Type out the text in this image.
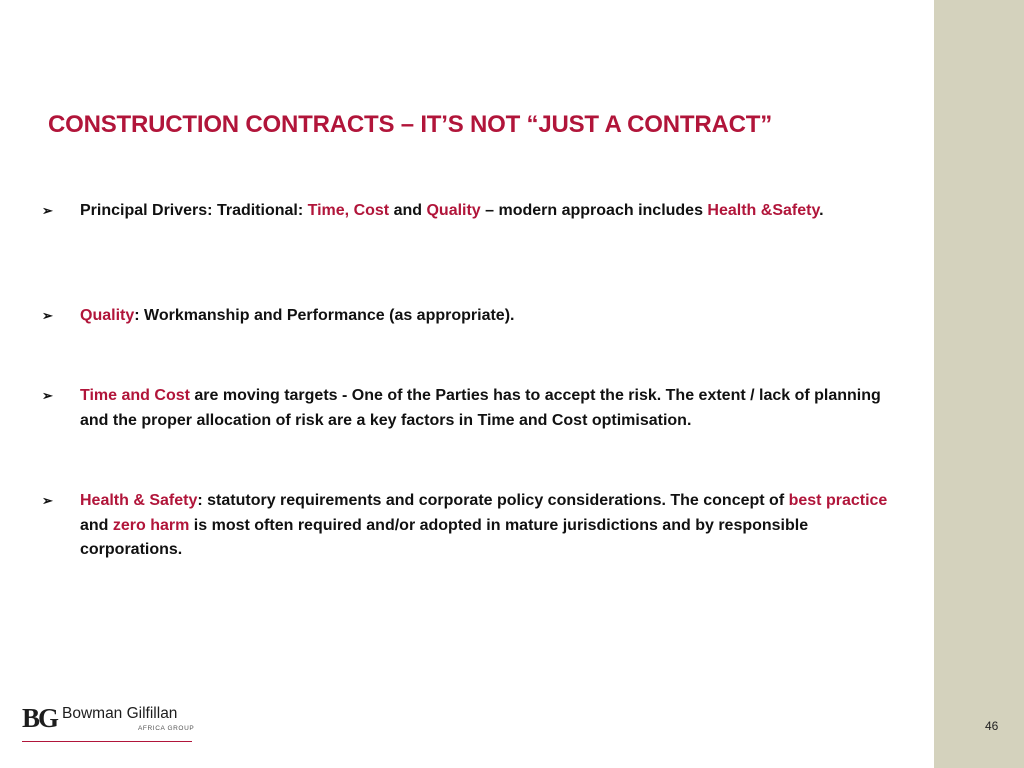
CONSTRUCTION CONTRACTS – IT’S NOT “JUST A CONTRACT”
➢	Principal Drivers: Traditional: Time, Cost and Quality – modern approach includes Health &Safety.
➢	Quality: Workmanship and Performance (as appropriate).
➢	Time and Cost are moving targets - One of the Parties has to accept the risk. The extent / lack of planning and the proper allocation of risk are a key factors in Time and Cost optimisation.
➢	Health & Safety: statutory requirements and corporate policy considerations. The concept of best practice and zero harm is most often required and/or adopted in mature jurisdictions and by responsible corporations.
BG Bowman Gilfillan
AFRICA GROUP	46
